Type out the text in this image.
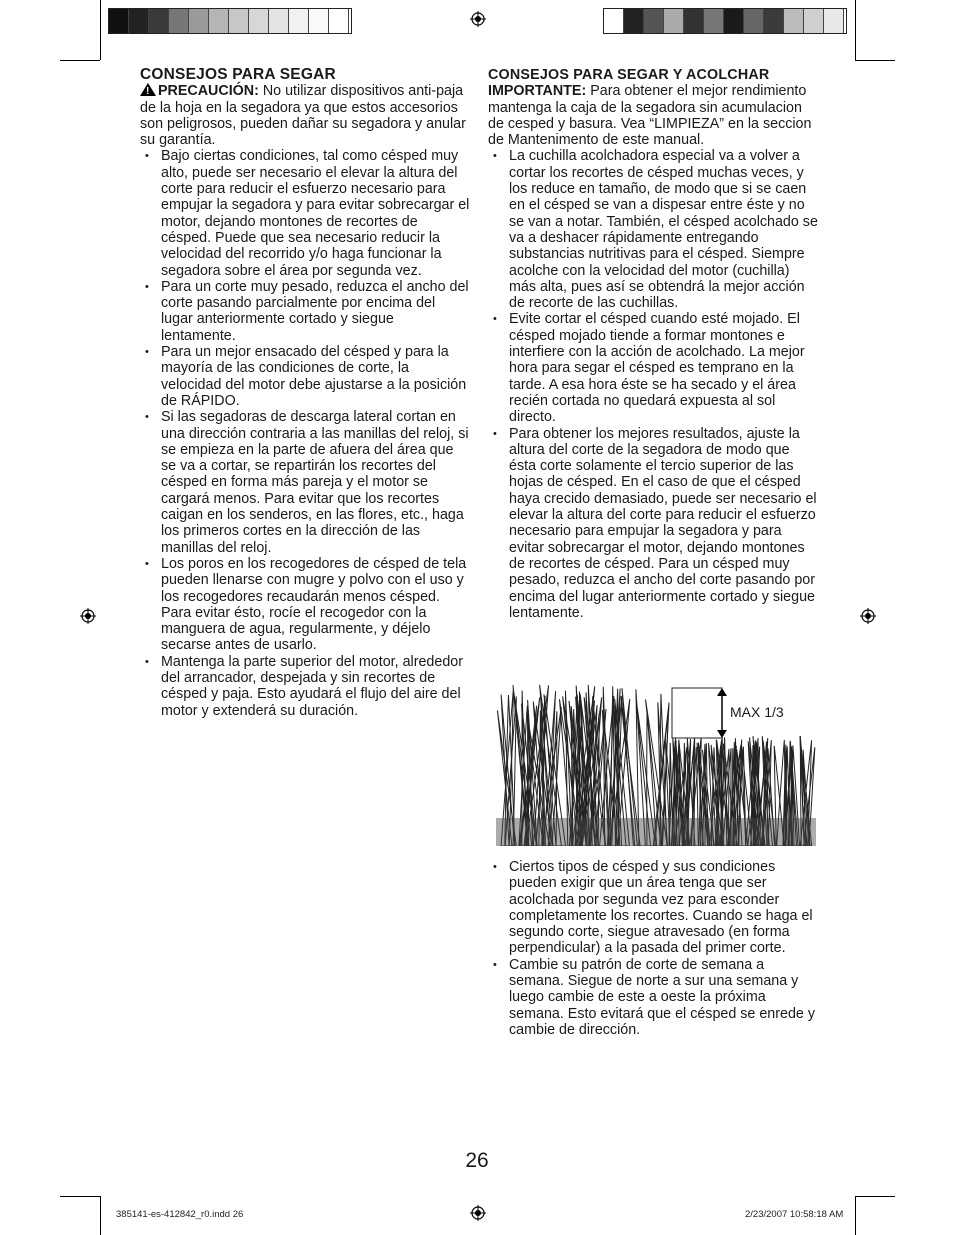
CONSEJOS PARA SEGAR

!PRECAUCIÓN: No utilizar dispositivos anti-paja de la hoja en la segadora ya que estos accesorios son peligrosos, pueden dañar su segadora y anular su garantía.

• Bajo ciertas condiciones, tal como césped muy alto, puede ser necesario el elevar la altura del corte para reducir el esfuerzo necesario para empujar la segadora y para evitar sobrecargar el motor, dejando montones de recortes de césped. Puede que sea necesario reducir la velocidad del recorrido y/o haga funcionar la segadora sobre el área por segunda vez.
• Para un corte muy pesado, reduzca el ancho del corte pasando parcialmente por encima del lugar anteriormente cortado y siegue lentamente.
• Para un mejor ensacado del césped y para la mayoría de las condiciones de corte, la velocidad del motor debe ajustarse a la posición de RÁPIDO.
• Si las segadoras de descarga lateral cortan en una dirección contraria a las manillas del reloj, si se empieza en la parte de afuera del área que se va a cortar, se repartirán los recortes del césped en forma más pareja y el motor se cargará menos. Para evitar que los recortes caigan en los senderos, en las flores, etc., haga los primeros cortes en la dirección de las manillas del reloj.
• Los poros en los recogedores de césped de tela pueden llenarse con mugre y polvo con el uso y los recogedores recaudarán menos césped. Para evitar ésto, rocíe el recogedor con la manguera de agua, regularmente, y déjelo secarse antes de usarlo.
• Mantenga la parte superior del motor, alrededor del arrancador, despejada y sin recortes de césped y paja. Esto ayudará el flujo del aire del motor y extenderá su duración.

CONSEJOS PARA SEGAR Y ACOLCHAR

IMPORTANTE: Para obtener el mejor rendimiento mantenga la caja de la segadora sin acumulacion de cesped y basura. Vea “LIMPIEZA” en la seccion de Mantenimento de este manual.

• La cuchilla acolchadora especial va a volver a cortar los recortes de césped muchas veces, y los reduce en tamaño, de modo que si se caen en el césped se van a dispesar entre éste y no se van a notar. También, el césped acolchado se va a deshacer rápidamente entregando substancias nutritivas para el césped. Siempre acolche con la velocidad del motor (cuchilla) más alta, pues así se obtendrá la mejor acción de recorte de las cuchillas.
• Evite cortar el césped cuando esté mojado. El césped mojado tiende a formar montones e interfiere con la acción de acolchado. La mejor hora para segar el césped es temprano en la tarde. A esa hora éste se ha secado y el área recién cortada no quedará expuesta al sol directo.
• Para obtener los mejores resultados, ajuste la altura del corte de la segadora de modo que ésta corte solamente el tercio superior de las hojas de césped. En el caso de que el césped haya crecido demasiado, puede ser necesario el elevar la altura del corte para reducir el esfuerzo necesario para empujar la segadora y para evitar sobrecargar el motor, dejando montones de recortes de césped. Para un césped muy pesado, reduzca el ancho del corte pasando por encima del lugar anteriormente cortado y siegue lentamente.
MAX 1/3
• Ciertos tipos de césped y sus condiciones pueden exigir que un área tenga que ser acolchada por segunda vez para esconder completamente los recortes. Cuando se haga el segundo corte, siegue atravesado (en forma perpendicular) a la pasada del primer corte.
• Cambie su patrón de corte de semana a semana. Siegue de norte a sur una semana y luego cambie de este a oeste la próxima semana. Esto evitará que el césped se enrede y cambie de dirección.
26
385141-es-412842_r0.indd 26	2/23/2007 10:58:18 AM
